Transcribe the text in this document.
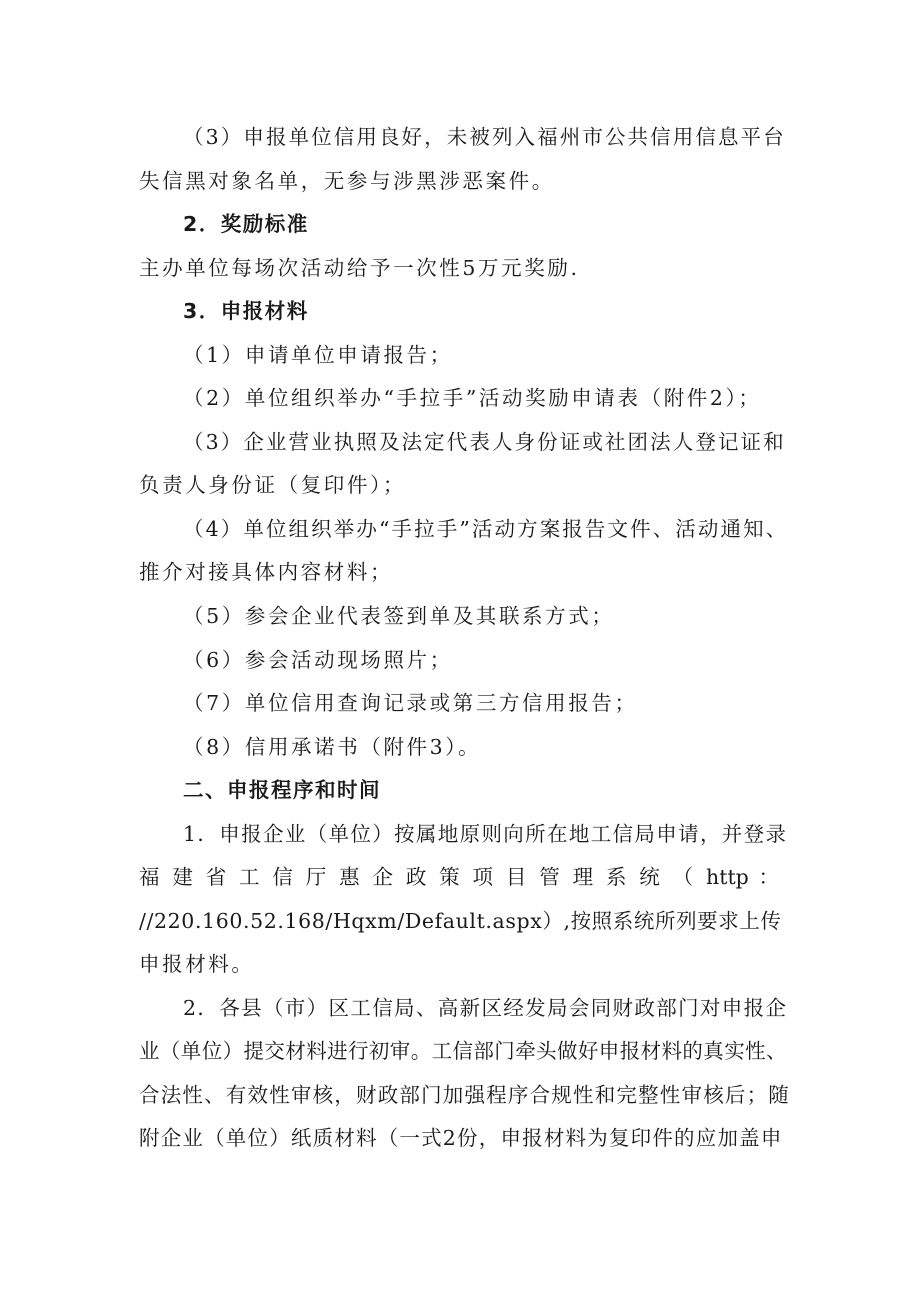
（3）申报单位信用良好，未被列入福州市公共信用信息平台
失信黑对象名单，无参与涉黑涉恶案件。
2．奖励标准
主办单位每场次活动给予一次性5万元奖励.
3．申报材料
（1）申请单位申请报告；
（2）单位组织举办“手拉手”活动奖励申请表（附件2）；
（3）企业营业执照及法定代表人身份证或社团法人登记证和
负责人身份证（复印件）；
（4）单位组织举办“手拉手”活动方案报告文件、活动通知、
推介对接具体内容材料；
（5）参会企业代表签到单及其联系方式；
（6）参会活动现场照片；
（7）单位信用查询记录或第三方信用报告；
（8）信用承诺书（附件3）。
二、申报程序和时间
1．申报企业（单位）按属地原则向所在地工信局申请，并登录
福 建 省 工 信 厅 惠 企 政 策 项 目 管 理 系 统 （ http ：
//220.160.52.168/Hqxm/Default.aspx）,按照系统所列要求上传
申报材料。
2．各县（市）区工信局、高新区经发局会同财政部门对申报企
业（单位）提交材料进行初审。工信部门牵头做好申报材料的真实性、
合法性、有效性审核，财政部门加强程序合规性和完整性审核后；随
附企业（单位）纸质材料（一式2份，申报材料为复印件的应加盖申
